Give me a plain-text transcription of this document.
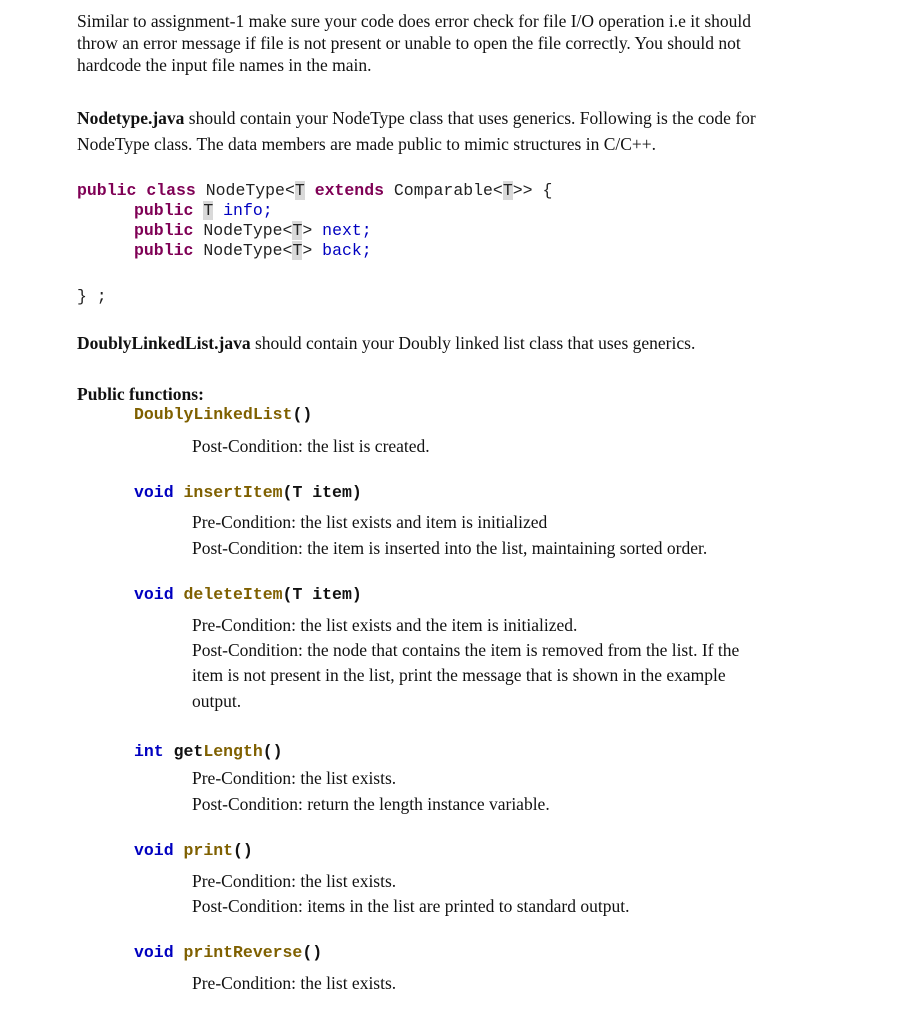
Similar to assignment-1 make sure your code does error check for file I/O operation i.e it should
throw an error message if file is not present or unable to open the file correctly. You should not
hardcode the input file names in the main.
Nodetype.java should contain your NodeType class that uses generics. Following is the code for
NodeType class. The data members are made public to mimic structures in C/C++.
public class NodeType<T extends Comparable<T>> {
public T info;
public NodeType<T> next;
public NodeType<T> back;
} ;
DoublyLinkedList.java should contain your Doubly linked list class that uses generics.
Public functions:
DoublyLinkedList()
Post-Condition: the list is created.
void insertItem(T item)
Pre-Condition: the list exists and item is initialized
Post-Condition: the item is inserted into the list, maintaining sorted order.
void deleteItem(T item)
Pre-Condition: the list exists and the item is initialized.
Post-Condition: the node that contains the item is removed from the list. If the
item is not present in the list, print the message that is shown in the example
output.
int getLength()
Pre-Condition: the list exists.
Post-Condition: return the length instance variable.
void print()
Pre-Condition: the list exists.
Post-Condition: items in the list are printed to standard output.
void printReverse()
Pre-Condition: the list exists.
